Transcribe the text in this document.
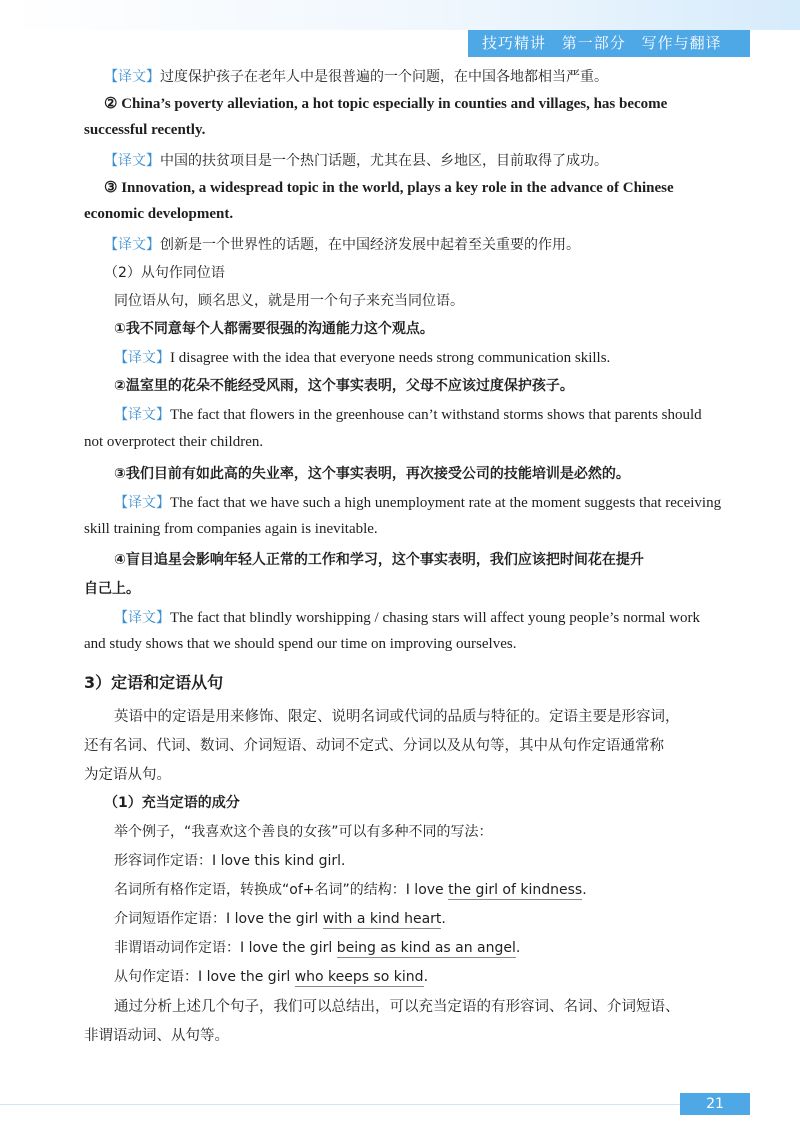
技巧精讲 第一部分 写作与翻译
【译文】过度保护孩子在老年人中是很普遍的一个问题，在中国各地都相当严重。
② China’s poverty alleviation, a hot topic especially in counties and villages, has become
successful recently.
【译文】中国的扶贫项目是一个热门话题，尤其在县、乡地区，目前取得了成功。
③ Innovation, a widespread topic in the world, plays a key role in the advance of Chinese
economic development.
【译文】创新是一个世界性的话题，在中国经济发展中起着至关重要的作用。
（2）从句作同位语
同位语从句，顾名思义，就是用一个句子来充当同位语。
①我不同意每个人都需要很强的沟通能力这个观点。
【译文】I disagree with the idea that everyone needs strong communication skills.
②温室里的花朵不能经受风雨，这个事实表明，父母不应该过度保护孩子。
【译文】The fact that flowers in the greenhouse can’t withstand storms shows that parents should
not overprotect their children.
③我们目前有如此高的失业率，这个事实表明，再次接受公司的技能培训是必然的。
【译文】The fact that we have such a high unemployment rate at the moment suggests that receiving
skill training from companies again is inevitable.
④盲目追星会影响年轻人正常的工作和学习，这个事实表明，我们应该把时间花在提升
自己上。
【译文】The fact that blindly worshipping / chasing stars will affect young people’s normal work
and study shows that we should spend our time on improving ourselves.
3）定语和定语从句
英语中的定语是用来修饰、限定、说明名词或代词的品质与特征的。定语主要是形容词，
还有名词、代词、数词、介词短语、动词不定式、分词以及从句等，其中从句作定语通常称
为定语从句。
（1）充当定语的成分
举个例子，“我喜欢这个善良的女孩”可以有多种不同的写法：
形容词作定语：I love this kind girl.
名词所有格作定语，转换成“of+名词”的结构：I love the girl of kindness.
介词短语作定语：I love the girl with a kind heart.
非谓语动词作定语：I love the girl being as kind as an angel.
从句作定语：I love the girl who keeps so kind.
通过分析上述几个句子，我们可以总结出，可以充当定语的有形容词、名词、介词短语、
非谓语动词、从句等。
21
